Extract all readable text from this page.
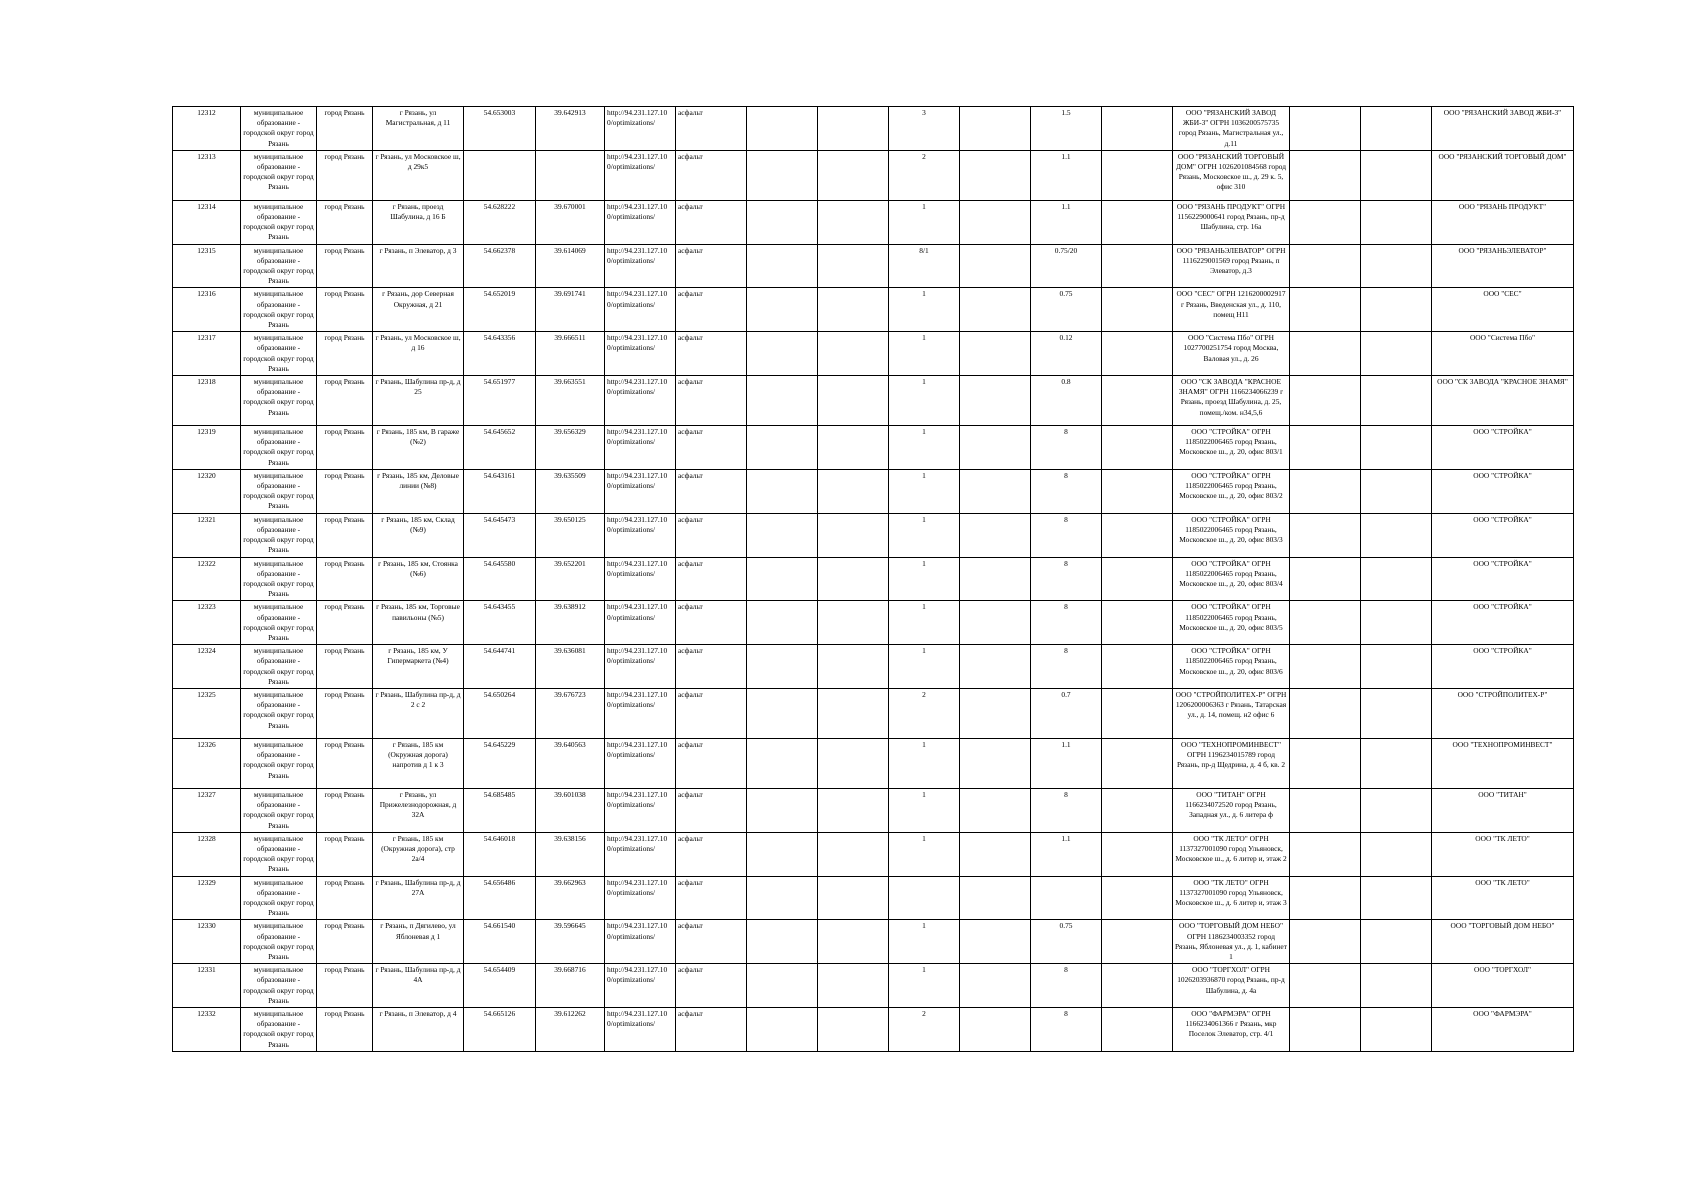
12312	муниципальное образование - городской округ город Рязань	город Рязань	г Рязань, ул Магистральная, д 11	54.653003	39.642913	http://94.231.127.10 0/optimizations/	асфальт			3		1.5		ООО "РЯЗАНСКИЙ ЗАВОД ЖБИ-3" ОГРН 1036200575735 город Рязань, Магистральная ул., д.11			ООО "РЯЗАНСКИЙ ЗАВОД ЖБИ-3"
12313	муниципальное образование - городской округ город Рязань	город Рязань	г Рязань, ул Московское ш, д 29к5			http://94.231.127.10 0/optimizations/	асфальт			2		1.1		ООО "РЯЗАНСКИЙ ТОРГОВЫЙ ДОМ" ОГРН 1026201084568 город Рязань, Московское ш., д. 29 к. 5, офис 310			ООО "РЯЗАНСКИЙ ТОРГОВЫЙ ДОМ"
12314	муниципальное образование - городской округ город Рязань	город Рязань	г Рязань, проезд Шабулина, д 16 Б	54.628222	39.670001	http://94.231.127.10 0/optimizations/	асфальт			1		1.1		ООО "РЯЗАНЬ ПРОДУКТ" ОГРН 1156229000641 город Рязань, пр-д Шабулина, стр. 16а			ООО "РЯЗАНЬ ПРОДУКТ"
12315	муниципальное образование - городской округ город Рязань	город Рязань	г Рязань, п Элеватор, д 3	54.662378	39.614069	http://94.231.127.10 0/optimizations/	асфальт			8/1		0.75/20		ООО "РЯЗАНЬЭЛЕВАТОР" ОГРН 1116229001569 город Рязань, п Элеватор, д.3			ООО "РЯЗАНЬЭЛЕВАТОР"
12316	муниципальное образование - городской округ город Рязань	город Рязань	г Рязань, дор Северная Окружная, д 21	54.652019	39.691741	http://94.231.127.10 0/optimizations/	асфальт			1		0.75		ООО "СЕС" ОГРН 1216200002917 г Рязань, Введенская ул., д. 110, помещ Н11			ООО "СЕС"
12317	муниципальное образование - городской округ город Рязань	город Рязань	г Рязань, ул Московское ш, д 16	54.643356	39.666511	http://94.231.127.10 0/optimizations/	асфальт			1		0.12		ООО "Система Пбо" ОГРН 1027700251754 город Москва, Валовая ул., д. 26			ООО "Система Пбо"
12318	муниципальное образование - городской округ город Рязань	город Рязань	г Рязань, Шабулина пр-д, д 25	54.651977	39.663551	http://94.231.127.10 0/optimizations/	асфальт			1		0.8		ООО "СК ЗАВОДА "КРАСНОЕ ЗНАМЯ" ОГРН 1166234066239 г Рязань, проезд Шабулина, д. 25, помещ./ком. н34,5,6			ООО "СК ЗАВОДА "КРАСНОЕ ЗНАМЯ"
12319	муниципальное образование - городской округ город Рязань	город Рязань	г Рязань, 185 км, В гараже (№2)	54.645652	39.656329	http://94.231.127.10 0/optimizations/	асфальт			1		8		ООО "СТРОЙКА" ОГРН 1185022006465 город Рязань, Московское ш., д. 20, офис 803/1			ООО "СТРОЙКА"
12320	муниципальное образование - городской округ город Рязань	город Рязань	г Рязань, 185 км, Деловые линии (№8)	54.643161	39.635509	http://94.231.127.10 0/optimizations/	асфальт			1		8		ООО "СТРОЙКА" ОГРН 1185022006465 город Рязань, Московское ш., д. 20, офис 803/2			ООО "СТРОЙКА"
12321	муниципальное образование - городской округ город Рязань	город Рязань	г Рязань, 185 км, Склад (№9)	54.645473	39.650125	http://94.231.127.10 0/optimizations/	асфальт			1		8		ООО "СТРОЙКА" ОГРН 1185022006465 город Рязань, Московское ш., д. 20, офис 803/3			ООО "СТРОЙКА"
12322	муниципальное образование - городской округ город Рязань	город Рязань	г Рязань, 185 км, Стоянка (№6)	54.645580	39.652201	http://94.231.127.10 0/optimizations/	асфальт			1		8		ООО "СТРОЙКА" ОГРН 1185022006465 город Рязань, Московское ш., д. 20, офис 803/4			ООО "СТРОЙКА"
12323	муниципальное образование - городской округ город Рязань	город Рязань	г Рязань, 185 км, Торговые павильоны (№5)	54.643455	39.638912	http://94.231.127.10 0/optimizations/	асфальт			1		8		ООО "СТРОЙКА" ОГРН 1185022006465 город Рязань, Московское ш., д. 20, офис 803/5			ООО "СТРОЙКА"
12324	муниципальное образование - городской округ город Рязань	город Рязань	г Рязань, 185 км, У Гипермаркета (№4)	54.644741	39.636081	http://94.231.127.10 0/optimizations/	асфальт			1		8		ООО "СТРОЙКА" ОГРН 1185022006465 город Рязань, Московское ш., д. 20, офис 803/6			ООО "СТРОЙКА"
12325	муниципальное образование - городской округ город Рязань	город Рязань	г Рязань, Шабулина пр-д, д 2 с 2	54.650264	39.676723	http://94.231.127.10 0/optimizations/	асфальт			2		0.7		ООО "СТРОЙПОЛИТЕХ-Р" ОГРН 1206200006363 г Рязань, Татарская ул., д. 14, помещ. н2 офис 6			ООО "СТРОЙПОЛИТЕХ-Р"
12326	муниципальное образование - городской округ город Рязань	город Рязань	г Рязань, 185 км (Окружная дорога) напротив д 1 к 3	54.645229	39.640563	http://94.231.127.10 0/optimizations/	асфальт			1		1.1		ООО "ТЕХНОПРОМИНВЕСТ" ОГРН 1196234015789 город Рязань, пр-д Щедрина, д. 4 б, кв. 2			ООО "ТЕХНОПРОМИНВЕСТ"
12327	муниципальное образование - городской округ город Рязань	город Рязань	г Рязань, ул Прижелезнодорожная, д 32А	54.685485	39.601038	http://94.231.127.10 0/optimizations/	асфальт			1		8		ООО "ТИТАН" ОГРН 1166234072520 город Рязань, Западная ул., д. 6 литера ф			ООО "ТИТАН"
12328	муниципальное образование - городской округ город Рязань	город Рязань	г Рязань, 185 км (Окружная дорога), стр 2а/4	54.646018	39.638156	http://94.231.127.10 0/optimizations/	асфальт			1		1.1		ООО "ТК ЛЕТО" ОГРН 1137327001090 город Ульяновск, Московское ш., д. 6 литер и, этаж 2			ООО "ТК ЛЕТО"
12329	муниципальное образование - городской округ город Рязань	город Рязань	г Рязань, Шабулина пр-д, д 27А	54.656486	39.662963	http://94.231.127.10 0/optimizations/	асфальт							ООО "ТК ЛЕТО" ОГРН 1137327001090 город Ульяновск, Московское ш., д. 6 литер и, этаж 3			ООО "ТК ЛЕТО"
12330	муниципальное образование - городской округ город Рязань	город Рязань	г Рязань, п Дягилево, ул Яблоневая д 1	54.661540	39.596645	http://94.231.127.10 0/optimizations/	асфальт			1		0.75		ООО "ТОРГОВЫЙ ДОМ НЕБО" ОГРН 1186234003352 город Рязань, Яблоневая ул., д. 1, кабинет 1			ООО "ТОРГОВЫЙ ДОМ НЕБО"
12331	муниципальное образование - городской округ город Рязань	город Рязань	г Рязань, Шабулина пр-д, д 4А	54.654409	39.668716	http://94.231.127.10 0/optimizations/	асфальт			1		8		ООО "ТОРГХОЛ" ОГРН 1026203936870 город Рязань, пр-д Шабулина, д. 4а			ООО "ТОРГХОЛ"
12332	муниципальное образование - городской округ город Рязань	город Рязань	г Рязань, п Элеватор, д 4	54.665126	39.612262	http://94.231.127.10 0/optimizations/	асфальт			2		8		ООО "ФАРМЭРА" ОГРН 1166234061366 г Рязань, мкр Поселок Элеватор, стр. 4/1			ООО "ФАРМЭРА"
